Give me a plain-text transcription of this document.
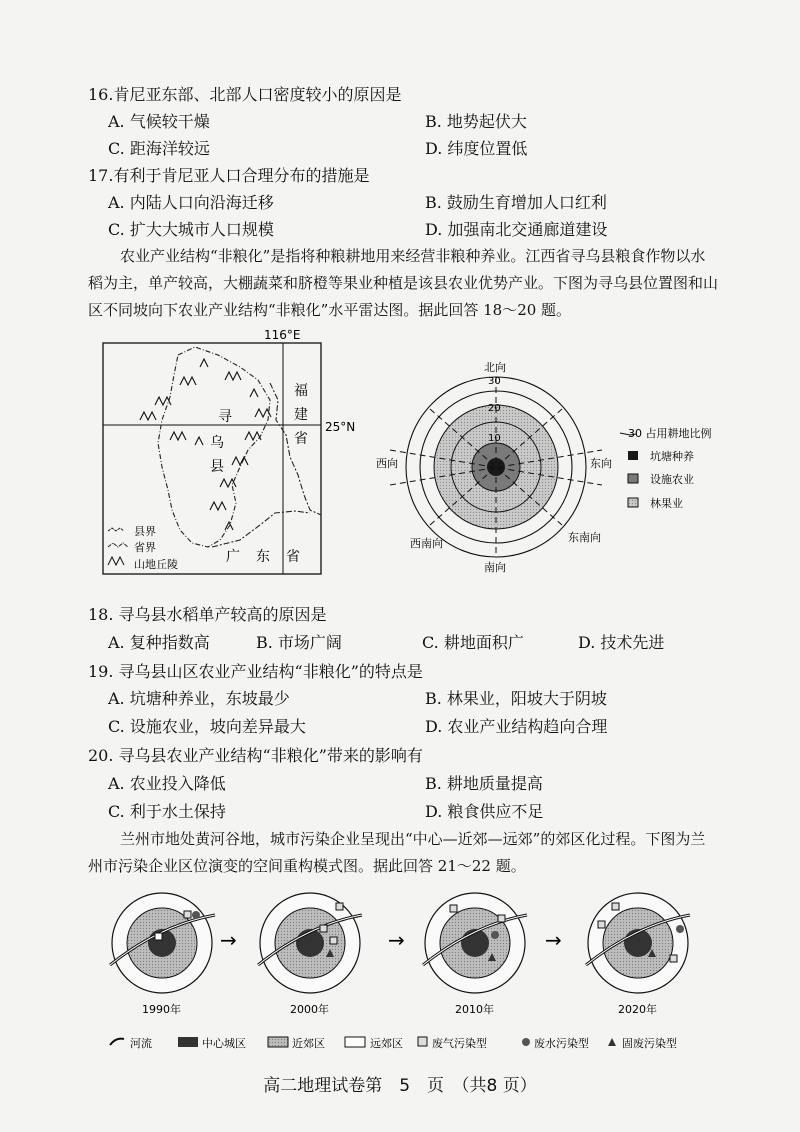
16.肯尼亚东部、北部人口密度较小的原因是
A. 气候较干燥	B. 地势起伏大
C. 距海洋较远	D. 纬度位置低
17.有利于肯尼亚人口合理分布的措施是
A. 内陆人口向沿海迁移	B. 鼓励生育增加人口红利
C. 扩大大城市人口规模	D. 加强南北交通廊道建设
农业产业结构“非粮化”是指将种粮耕地用来经营非粮种养业。江西省寻乌县粮食作物以水
稻为主，单产较高，大棚蔬菜和脐橙等果业种植是该县农业优势产业。下图为寻乌县位置图和山
区不同坡向下农业产业结构“非粮化”水平雷达图。据此回答 18～20 题。
116°E
25°N
寻
乌
县
福
建
省
广 东 省
县界
省界
山地丘陵
30
20
10
北向
西向	东向
西南向	东南向
南向
30 占用耕地比例
坑塘种养
设施农业
林果业
18. 寻乌县水稻单产较高的原因是
A. 复种指数高	B. 市场广阔	C. 耕地面积广	D. 技术先进
19. 寻乌县山区农业产业结构“非粮化”的特点是
A. 坑塘种养业，东坡最少	B. 林果业，阳坡大于阴坡
C. 设施农业，坡向差异最大	D. 农业产业结构趋向合理
20. 寻乌县农业产业结构“非粮化”带来的影响有
A. 农业投入降低	B. 耕地质量提高
C. 利于水土保持	D. 粮食供应不足
兰州市地处黄河谷地，城市污染企业呈现出“中心—近郊—远郊”的郊区化过程。下图为兰
州市污染企业区位演变的空间重构模式图。据此回答 21～22 题。
1990年
→
2000年
→
2010年
→
2020年
河流	中心城区	近郊区	远郊区	废气污染型	废水污染型	固废污染型
高二地理试卷第　5　页　（共8 页）
